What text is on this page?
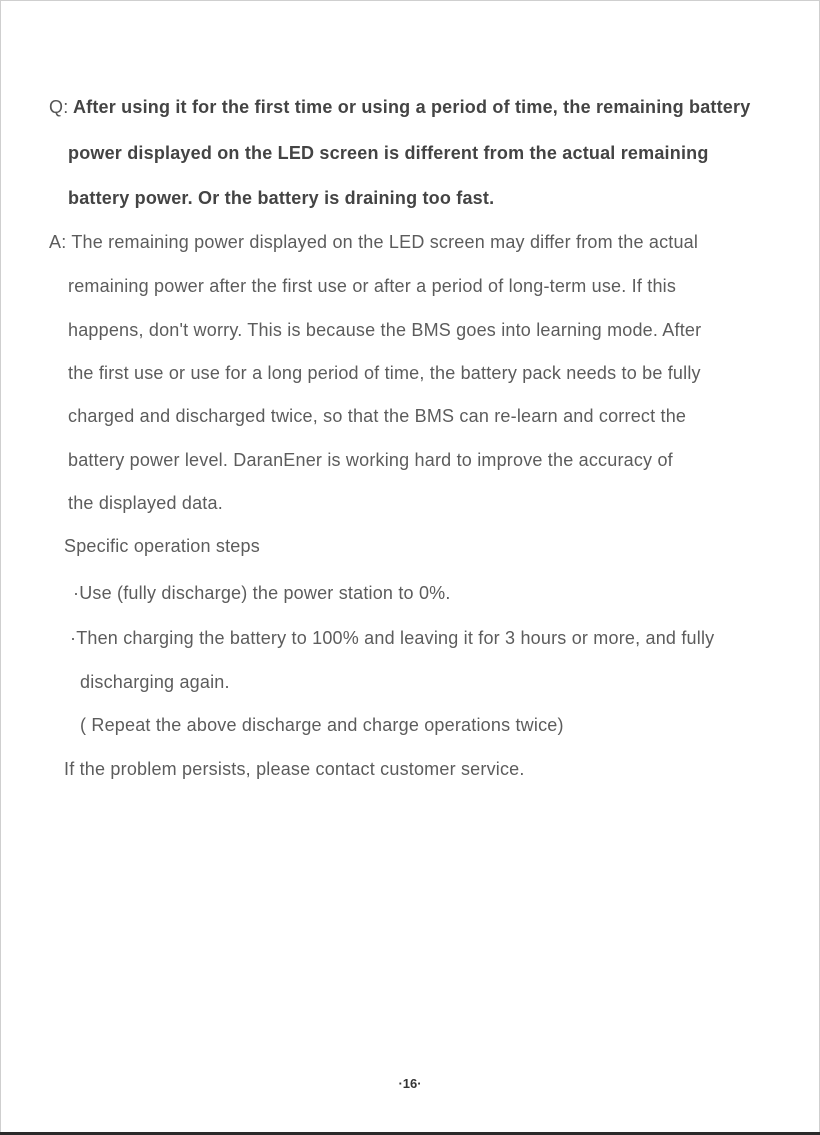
Q: After using it for the first time or using a period of time, the remaining battery
power displayed on the LED screen is different from the actual remaining
battery power. Or the battery is draining too fast.
A: The remaining power displayed on the LED screen may differ from the actual
remaining power after the first use or after a period of long-term use. If this
happens, don't worry. This is because the BMS goes into learning mode. After
the first use or use for a long period of time, the battery pack needs to be fully
charged and discharged twice, so that the BMS can re-learn and correct the
battery power level. DaranEner is working hard to improve the accuracy of
the displayed data.
Specific operation steps
·Use (fully discharge) the power station to 0%.
·Then charging the battery to 100% and leaving it for 3 hours or more, and fully
discharging again.
( Repeat the above discharge and charge operations twice)
If the problem persists, please contact customer service.
·16·
